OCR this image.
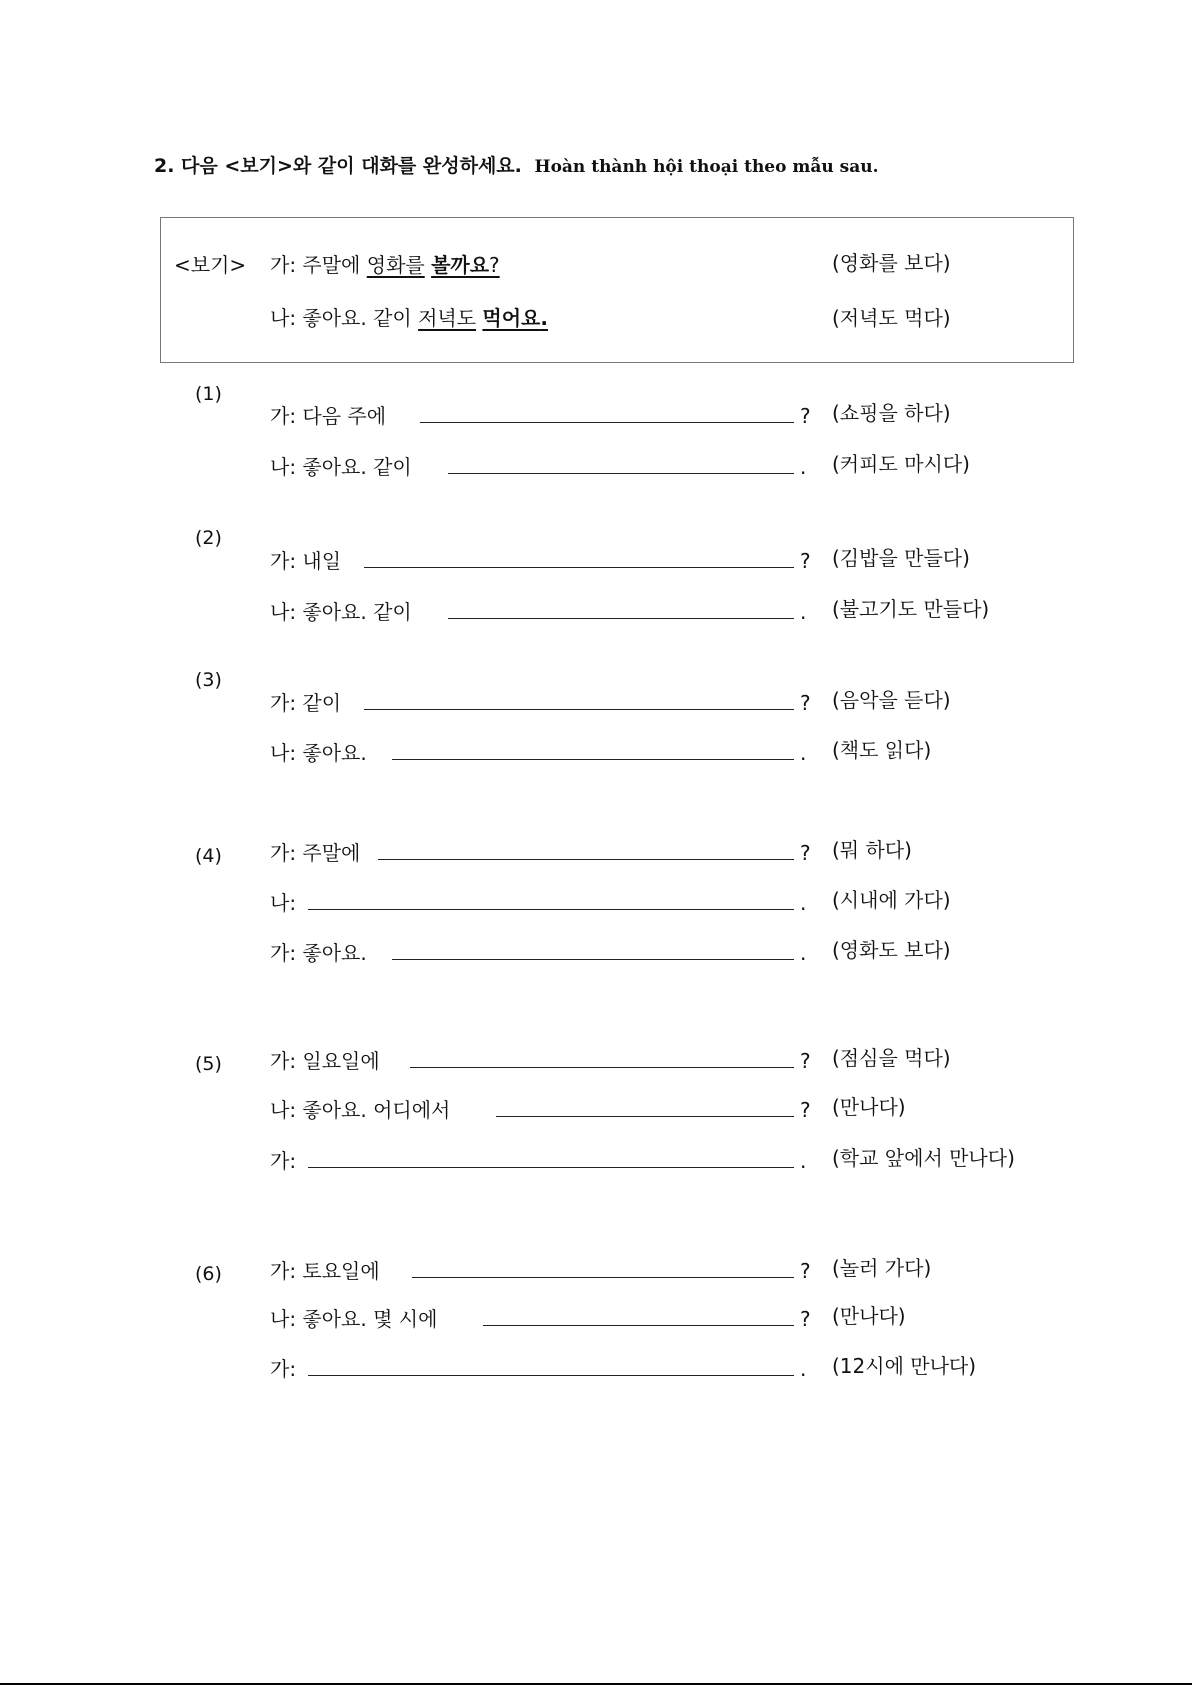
2. 다음 <보기>와 같이 대화를 완성하세요. Hoàn thành hội thoại theo mẫu sau.
<보기> 가: 주말에 영화를 볼까요?	(영화를 보다)
나: 좋아요. 같이 저녁도 먹어요.	(저녁도 먹다)
(1)
가: 다음 주에	? (쇼핑을 하다)
나: 좋아요. 같이	. (커피도 마시다)
(2)
가: 내일	? (김밥을 만들다)
나: 좋아요. 같이	. (불고기도 만들다)
(3)
가: 같이	? (음악을 듣다)
나: 좋아요.	. (책도 읽다)
(4) 가: 주말에	? (뭐 하다)
나:	. (시내에 가다)
가: 좋아요.	. (영화도 보다)
(5) 가: 일요일에	? (점심을 먹다)
나: 좋아요. 어디에서	? (만나다)
가:	. (학교 앞에서 만나다)
(6) 가: 토요일에	? (놀러 가다)
나: 좋아요. 몇 시에	? (만나다)
가:	. (12시에 만나다)
